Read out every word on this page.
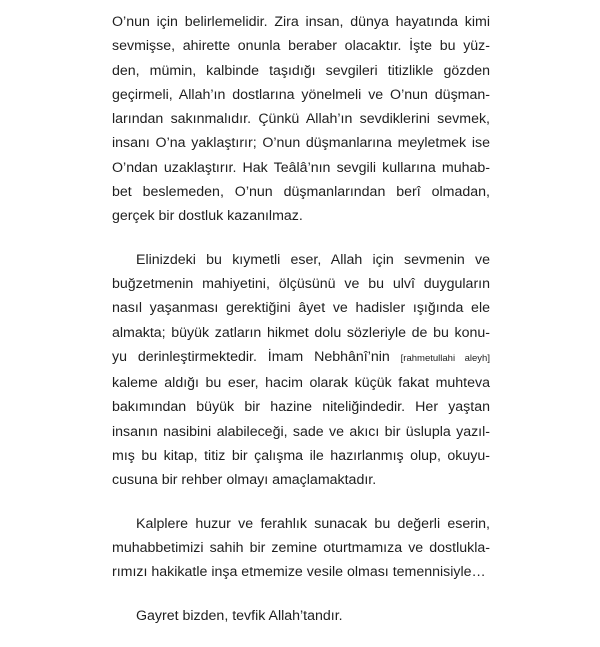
O’nun için belirlemelidir. Zira insan, dünya hayatında kimi
sevmişse, ahirette onunla beraber olacaktır. İşte bu yüz-
den, mümin, kalbinde taşıdığı sevgileri titizlikle gözden
geçirmeli, Allah’ın dostlarına yönelmeli ve O’nun düşman-
larından sakınmalıdır. Çünkü Allah’ın sevdiklerini sevmek,
insanı O’na yaklaştırır; O’nun düşmanlarına meyletmek ise
O’ndan uzaklaştırır. Hak Teâlâ’nın sevgili kullarına muhab-
bet beslemeden, O’nun düşmanlarından berî olmadan,
gerçek bir dostluk kazanılmaz.
Elinizdeki bu kıymetli eser, Allah için sevmenin ve
buğzetmenin mahiyetini, ölçüsünü ve bu ulvî duyguların
nasıl yaşanması gerektiğini âyet ve hadisler ışığında ele
almakta; büyük zatların hikmet dolu sözleriyle de bu konu-
yu derinleştirmektedir. İmam Nebhânî’nin [rahmetullahi aleyh]
kaleme aldığı bu eser, hacim olarak küçük fakat muhteva
bakımından büyük bir hazine niteliğindedir. Her yaştan
insanın nasibini alabileceği, sade ve akıcı bir üslupla yazıl-
mış bu kitap, titiz bir çalışma ile hazırlanmış olup, okuyu-
cusuna bir rehber olmayı amaçlamaktadır.
Kalplere huzur ve ferahlık sunacak bu değerli eserin,
muhabbetimizi sahih bir zemine oturtmamıza ve dostlukla-
rımızı hakikatle inşa etmemize vesile olması temennisiyle…
Gayret bizden, tevfik Allah’tandır.
